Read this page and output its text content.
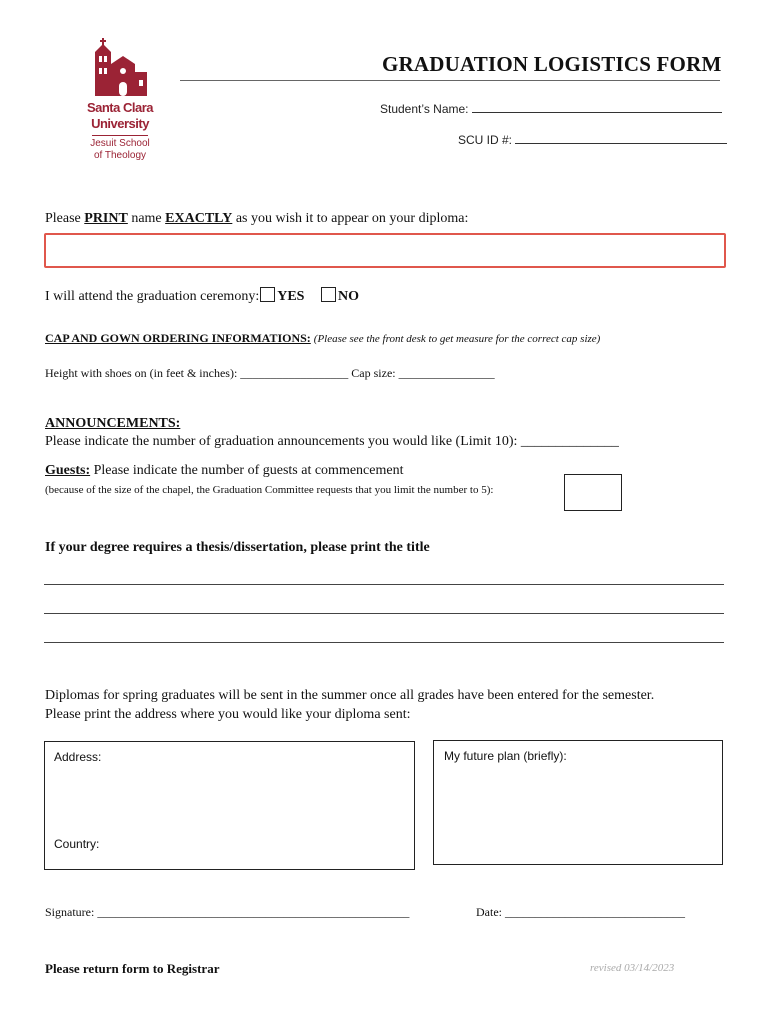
Santa Clara
University
Jesuit School
of Theology
GRADUATION LOGISTICS FORM
Student’s Name:
SCU ID #:
Please PRINT name EXACTLY as you wish it to appear on your diploma:
I will attend the graduation ceremony: YES NO
CAP AND GOWN ORDERING INFORMATIONS: (Please see the front desk to get measure for the correct cap size)
Height with shoes on (in feet & inches): __________________ Cap size: ________________
ANNOUNCEMENTS:
Please indicate the number of graduation announcements you would like (Limit 10): ______________
Guests: Please indicate the number of guests at commencement
(because of the size of the chapel, the Graduation Committee requests that you limit the number to 5):
If your degree requires a thesis/dissertation, please print the title
Diplomas for spring graduates will be sent in the summer once all grades have been entered for the semester.
Please print the address where you would like your diploma sent:
Address:
Country:
My future plan (briefly):
Signature: ____________________________________________________	Date: ______________________________
Please return form to Registrar	revised 03/14/2023
